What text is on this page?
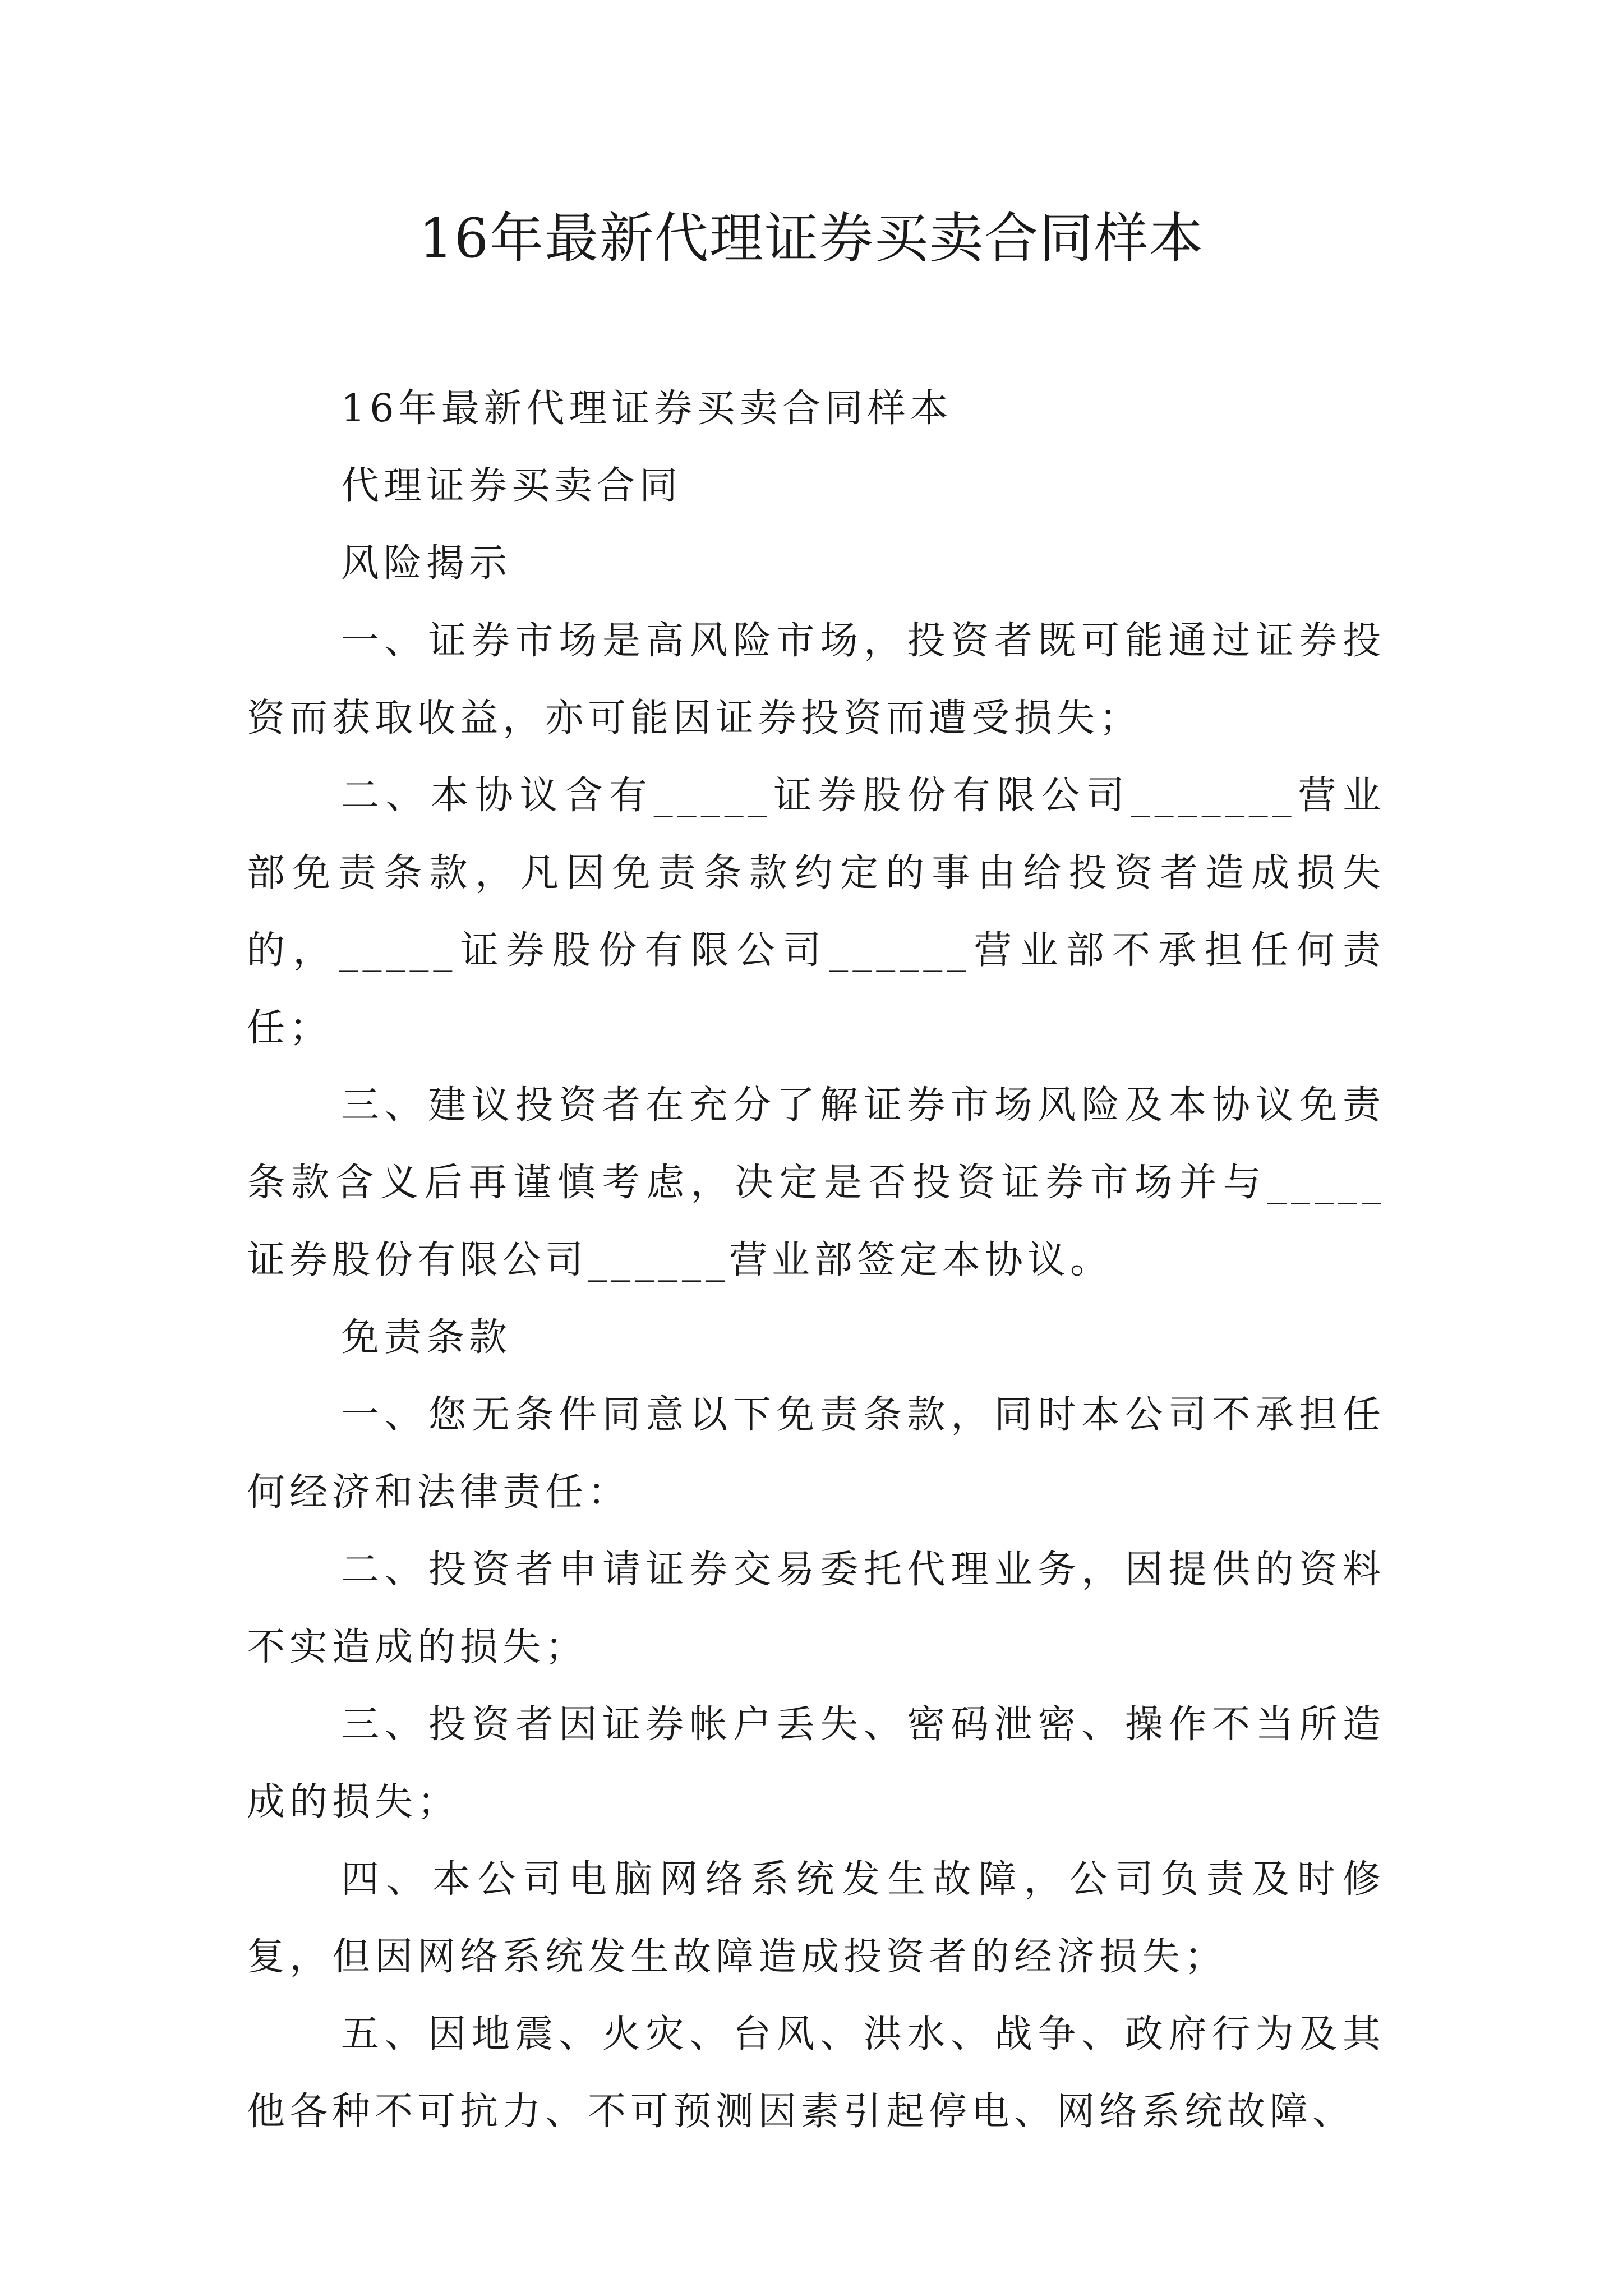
16年最新代理证券买卖合同样本

16年最新代理证券买卖合同样本

代理证券买卖合同

风险揭示

一、证券市场是高风险市场，投资者既可能通过证券投资而获取收益，亦可能因证券投资而遭受损失；

二、本协议含有_____证券股份有限公司_______营业部免责条款，凡因免责条款约定的事由给投资者造成损失的，_____证券股份有限公司______营业部不承担任何责任；

三、建议投资者在充分了解证券市场风险及本协议免责条款含义后再谨慎考虑，决定是否投资证券市场并与_____证券股份有限公司______营业部签定本协议。

免责条款

一、您无条件同意以下免责条款，同时本公司不承担任何经济和法律责任：

二、投资者申请证券交易委托代理业务，因提供的资料不实造成的损失；

三、投资者因证券帐户丢失、密码泄密、操作不当所造成的损失；

四、本公司电脑网络系统发生故障，公司负责及时修复，但因网络系统发生故障造成投资者的经济损失；

五、因地震、火灾、台风、洪水、战争、政府行为及其他各种不可抗力、不可预测因素引起停电、网络系统故障、
